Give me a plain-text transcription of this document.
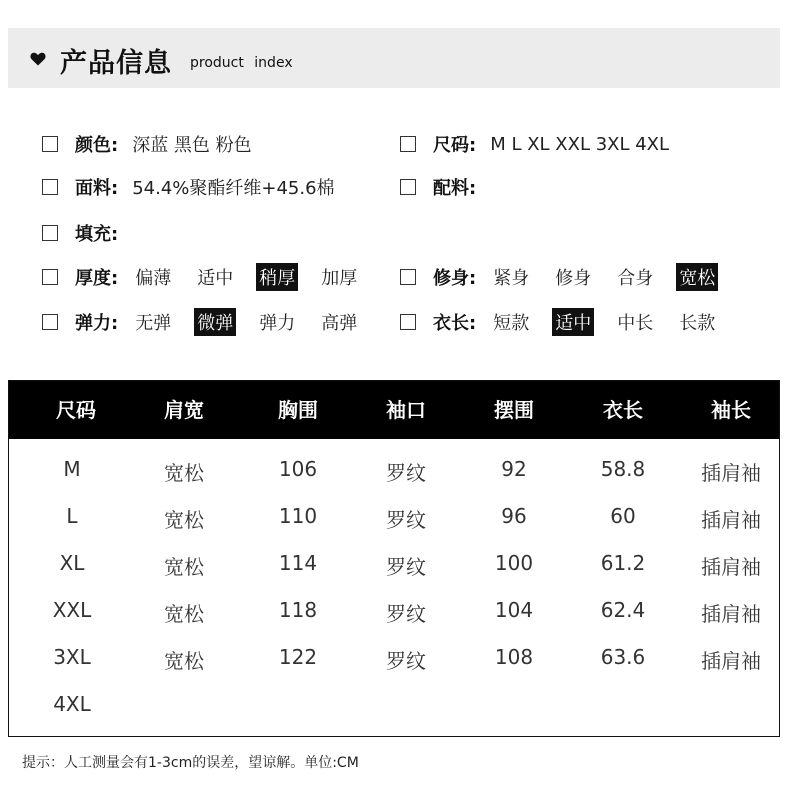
产品信息 product index
颜色: 深蓝 黑色 粉色	尺码: M L XL XXL 3XL 4XL
面料: 54.4%聚酯纤维+45.6棉	配料:
填充:
厚度: 偏薄 适中 稍厚 加厚	修身: 紧身 修身 合身 宽松
弹力: 无弹 微弹 弹力 高弹	衣长: 短款 适中 中长 长款
尺码	肩宽	胸围	袖口	摆围	衣长	袖长
M	宽松	106	罗纹	92	58.8	插肩袖
L	宽松	110	罗纹	96	60	插肩袖
XL	宽松	114	罗纹	100	61.2	插肩袖
XXL	宽松	118	罗纹	104	62.4	插肩袖
3XL	宽松	122	罗纹	108	63.6	插肩袖
4XL
提示：人工测量会有1-3cm的误差，望谅解。单位:CM
